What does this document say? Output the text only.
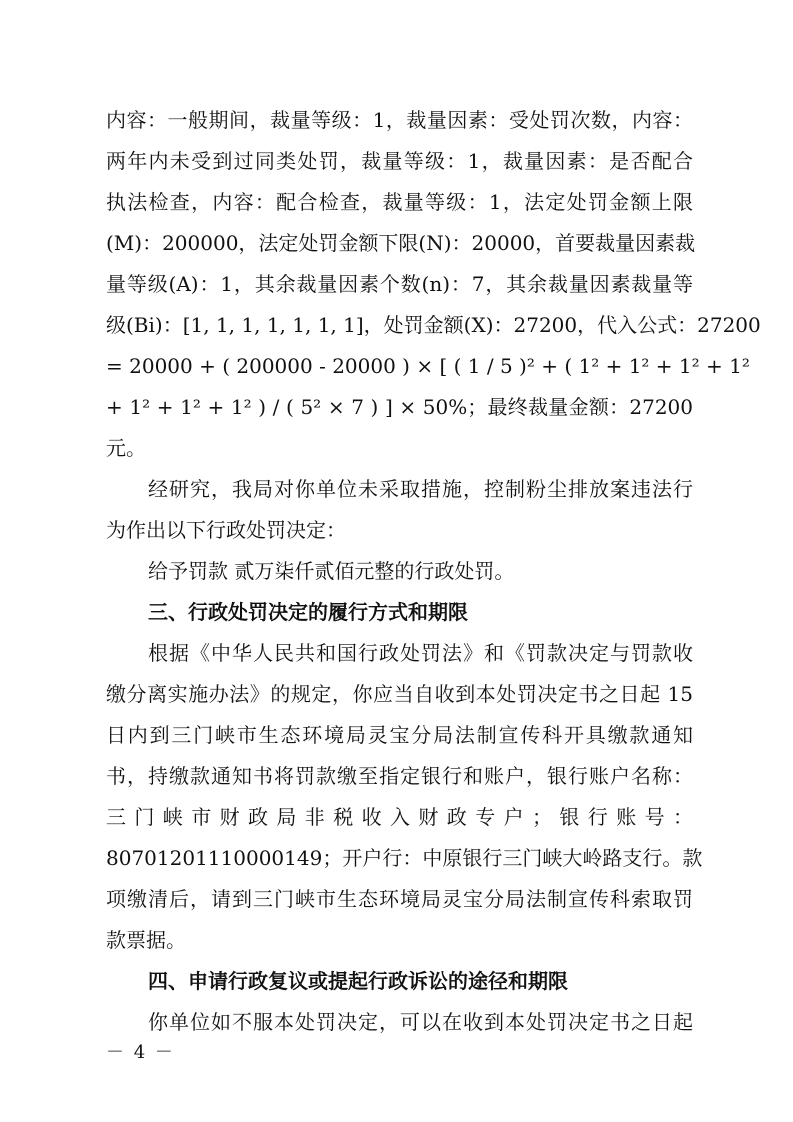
内容：一般期间，裁量等级：1，裁量因素：受处罚次数，内容：
两年内未受到过同类处罚，裁量等级：1，裁量因素：是否配合
执法检查，内容：配合检查，裁量等级：1，法定处罚金额上限
(M)：200000，法定处罚金额下限(N)：20000，首要裁量因素裁
量等级(A)：1，其余裁量因素个数(n)：7，其余裁量因素裁量等
级(Bi)：[1, 1, 1, 1, 1, 1, 1]，处罚金额(X)：27200，代入公式：27200
= 20000 + ( 200000 - 20000 ) × [ ( 1 / 5 )² + ( 1² + 1² + 1² + 1²
+ 1² + 1² + 1² ) / ( 5² × 7 ) ] × 50%；最终裁量金额：27200
元。
经研究，我局对你单位未采取措施，控制粉尘排放案违法行
为作出以下行政处罚决定：
给予罚款 贰万柒仟贰佰元整的行政处罚。
三、行政处罚决定的履行方式和期限
根据《中华人民共和国行政处罚法》和《罚款决定与罚款收
缴分离实施办法》的规定，你应当自收到本处罚决定书之日起 15
日内到三门峡市生态环境局灵宝分局法制宣传科开具缴款通知
书，持缴款通知书将罚款缴至指定银行和账户，银行账户名称：
三 门 峡 市 财 政 局 非 税 收 入 财 政 专 户 ； 银 行 账 号 ：
80701201110000149；开户行：中原银行三门峡大岭路支行。款
项缴清后，请到三门峡市生态环境局灵宝分局法制宣传科索取罚
款票据。
四、申请行政复议或提起行政诉讼的途径和期限
你单位如不服本处罚决定，可以在收到本处罚决定书之日起
－ 4 －
